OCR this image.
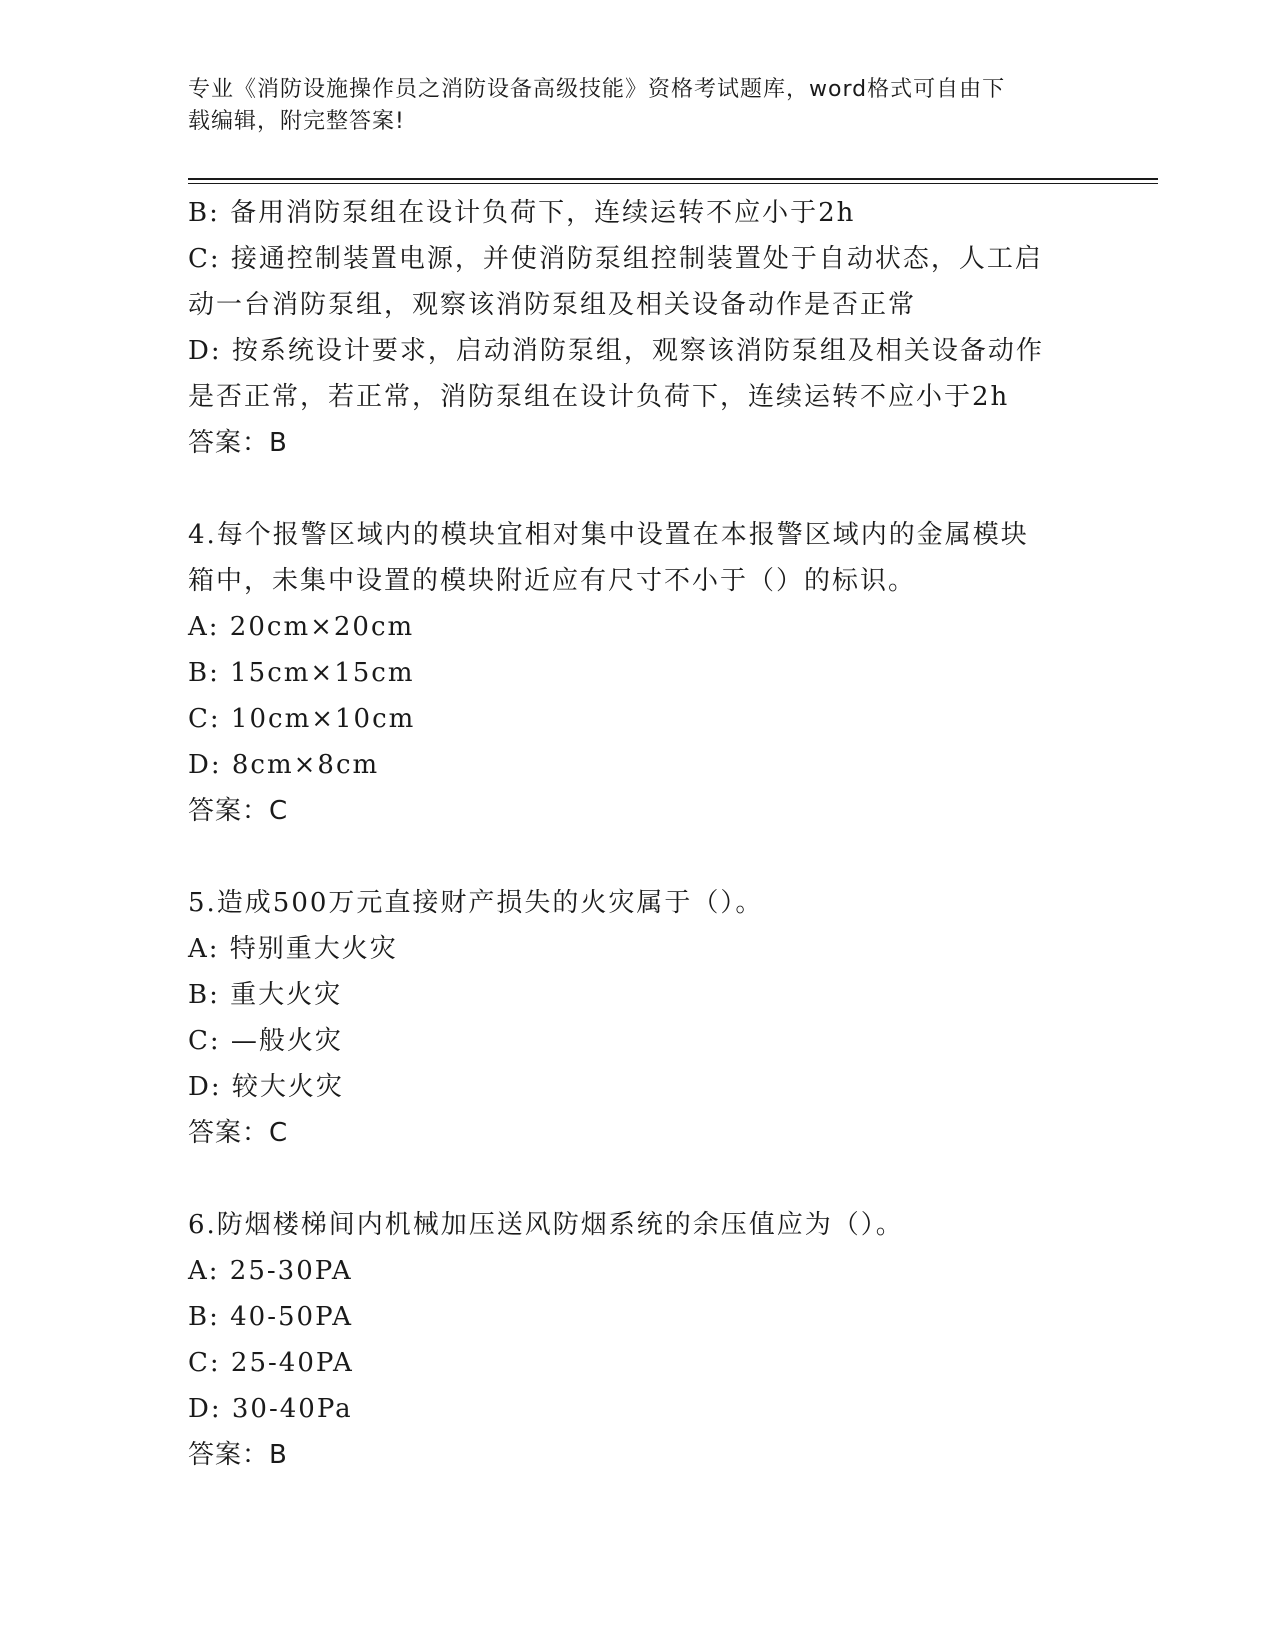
专业《消防设施操作员之消防设备高级技能》资格考试题库，word格式可自由下
载编辑，附完整答案!
B: 备用消防泵组在设计负荷下，连续运转不应小于2h
C: 接通控制装置电源，并使消防泵组控制装置处于自动状态，人工启
动一台消防泵组，观察该消防泵组及相关设备动作是否正常
D: 按系统设计要求，启动消防泵组，观察该消防泵组及相关设备动作
是否正常，若正常，消防泵组在设计负荷下，连续运转不应小于2h
答案：B
4.每个报警区域内的模块宜相对集中设置在本报警区域内的金属模块
箱中，未集中设置的模块附近应有尺寸不小于（）的标识。
A: 20cm×20cm
B: 15cm×15cm
C: 10cm×10cm
D: 8cm×8cm
答案：C
5.造成500万元直接财产损失的火灾属于（）。
A: 特别重大火灾
B: 重大火灾
C: —般火灾
D: 较大火灾
答案：C
6.防烟楼梯间内机械加压送风防烟系统的余压值应为（）。
A: 25-30PA
B: 40-50PA
C: 25-40PA
D: 30-40Pa
答案：B
